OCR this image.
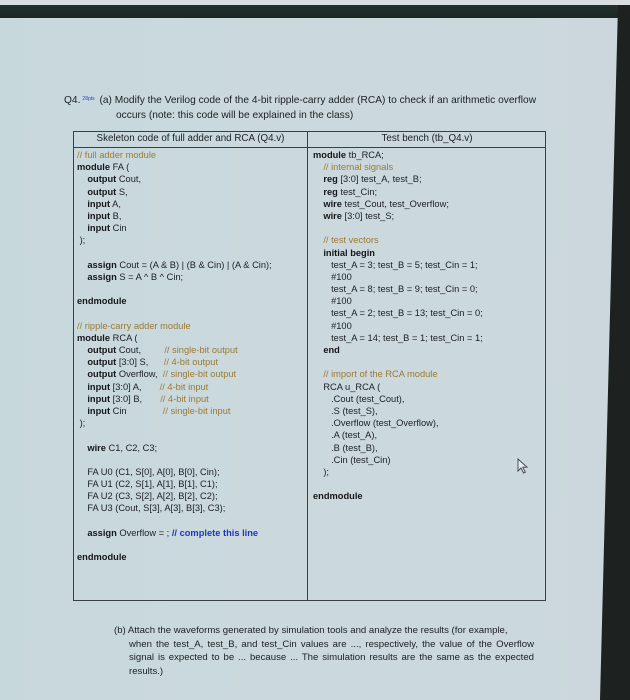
Q4. $^{28pts}$ (a) Modify the Verilog code of the 4-bit ripple-carry adder (RCA) to check if an arithmetic overflow
occurs (note: this code will be explained in the class)
Skeleton code of full adder and RCA (Q4.v)	Test bench (tb_Q4.v)
// full adder module
module FA (
output Cout,
output S,
input A,
input B,
input Cin
);
assign Cout = (A & B) | (B & Cin) | (A & Cin);
assign S = A ^ B ^ Cin;
endmodule
// ripple-carry adder module
module RCA (
output Cout,         // single-bit output
output [3:0] S,      // 4-bit output
output Overflow,  // single-bit output
input [3:0] A,       // 4-bit input
input [3:0] B,       // 4-bit input
input Cin              // single-bit input
);
wire C1, C2, C3;
FA U0 (C1, S[0], A[0], B[0], Cin);
FA U1 (C2, S[1], A[1], B[1], C1);
FA U2 (C3, S[2], A[2], B[2], C2);
FA U3 (Cout, S[3], A[3], B[3], C3);
assign Overflow = ; // complete this line
endmodule
module tb_RCA;
// internal signals
reg [3:0] test_A, test_B;
reg test_Cin;
wire test_Cout, test_Overflow;
wire [3:0] test_S;
// test vectors
initial begin
test_A = 3; test_B = 5; test_Cin = 1;
#100
test_A = 8; test_B = 9; test_Cin = 0;
#100
test_A = 2; test_B = 13; test_Cin = 0;
#100
test_A = 14; test_B = 1; test_Cin = 1;
end
// import of the RCA module
RCA u_RCA (
.Cout (test_Cout),
.S (test_S),
.Overflow (test_Overflow),
.A (test_A),
.B (test_B),
.Cin (test_Cin)
);
endmodule
(b) Attach the waveforms generated by simulation tools and analyze the results (for example,
when the test_A, test_B, and test_Cin values are ..., respectively, the value of the Overflow signal is expected to be ... because ... The simulation results are the same as the expected results.)
